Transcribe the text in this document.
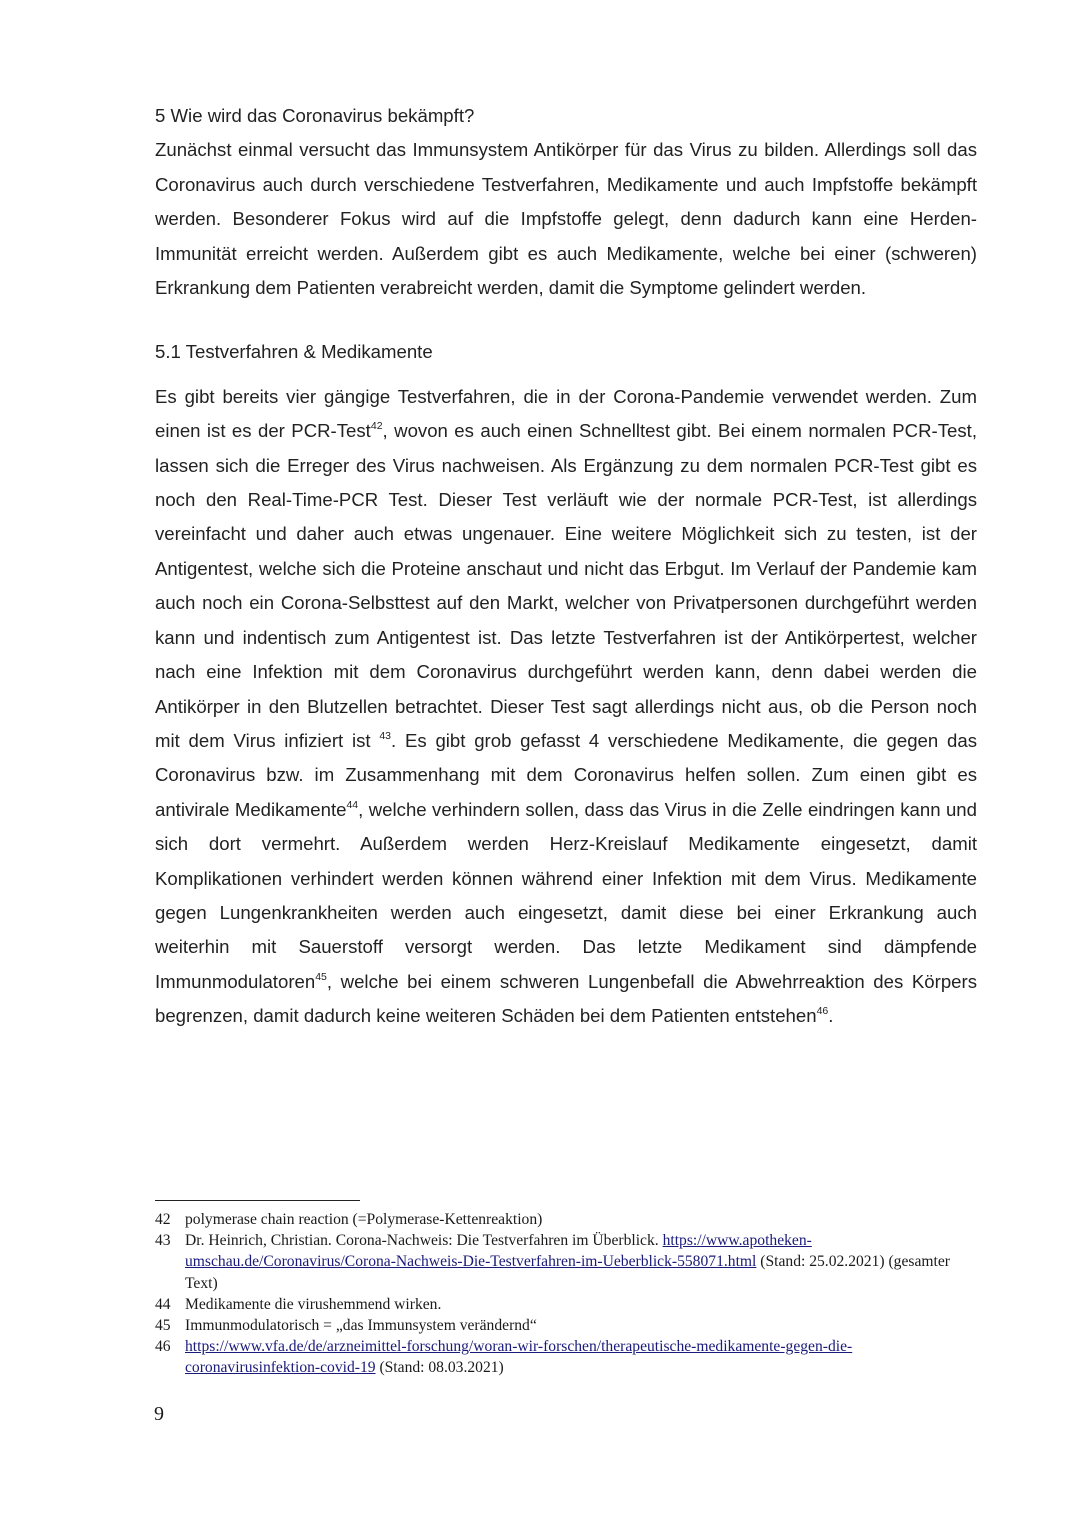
5 Wie wird das Coronavirus bekämpft?

Zunächst einmal versucht das Immunsystem Antikörper für das Virus zu bilden. Allerdings soll das Coronavirus auch durch verschiedene Testverfahren, Medikamente und auch Impfstoffe bekämpft werden. Besonderer Fokus wird auf die Impfstoffe gelegt, denn dadurch kann eine Herden-Immunität erreicht werden. Außerdem gibt es auch Medikamente, welche bei einer (schweren) Erkrankung dem Patienten verabreicht werden, damit die Symptome gelindert werden.

5.1 Testverfahren & Medikamente

Es gibt bereits vier gängige Testverfahren, die in der Corona-Pandemie verwendet werden. Zum einen ist es der PCR-Test$^{42}$, wovon es auch einen Schnelltest gibt. Bei einem normalen PCR-Test, lassen sich die Erreger des Virus nachweisen. Als Ergänzung zu dem normalen PCR-Test gibt es noch den Real-Time-PCR Test. Dieser Test verläuft wie der normale PCR-Test, ist allerdings vereinfacht und daher auch etwas ungenauer. Eine weitere Möglichkeit sich zu testen, ist der Antigentest, welche sich die Proteine anschaut und nicht das Erbgut. Im Verlauf der Pandemie kam auch noch ein Corona-Selbsttest auf den Markt, welcher von Privatpersonen durchgeführt werden kann und indentisch zum Antigentest ist. Das letzte Testverfahren ist der Antikörpertest, welcher nach eine Infektion mit dem Coronavirus durchgeführt werden kann, denn dabei werden die Antikörper in den Blutzellen betrachtet. Dieser Test sagt allerdings nicht aus, ob die Person noch mit dem Virus infiziert ist $^{43}$. Es gibt grob gefasst 4 verschiedene Medikamente, die gegen das Coronavirus bzw. im Zusammenhang mit dem Coronavirus helfen sollen. Zum einen gibt es antivirale Medikamente$^{44}$, welche verhindern sollen, dass das Virus in die Zelle eindringen kann und sich dort vermehrt. Außerdem werden Herz-Kreislauf Medikamente eingesetzt, damit Komplikationen verhindert werden können während einer Infektion mit dem Virus. Medikamente gegen Lungenkrankheiten werden auch eingesetzt, damit diese bei einer Erkrankung auch weiterhin mit Sauerstoff versorgt werden. Das letzte Medikament sind dämpfende Immunmodulatoren$^{45}$, welche bei einem schweren Lungenbefall die Abwehrreaktion des Körpers begrenzen, damit dadurch keine weiteren Schäden bei dem Patienten entstehen$^{46}$.

42 polymerase chain reaction (=Polymerase-Kettenreaktion)
43 Dr. Heinrich, Christian. Corona-Nachweis: Die Testverfahren im Überblick. https://www.apotheken-umschau.de/Coronavirus/Corona-Nachweis-Die-Testverfahren-im-Ueberblick-558071.html (Stand: 25.02.2021) (gesamter Text)
44 Medikamente die virushemmend wirken.
45 Immunmodulatorisch = „das Immunsystem verändernd“
46 https://www.vfa.de/de/arzneimittel-forschung/woran-wir-forschen/therapeutische-medikamente-gegen-die-coronavirusinfektion-covid-19 (Stand: 08.03.2021)
9
